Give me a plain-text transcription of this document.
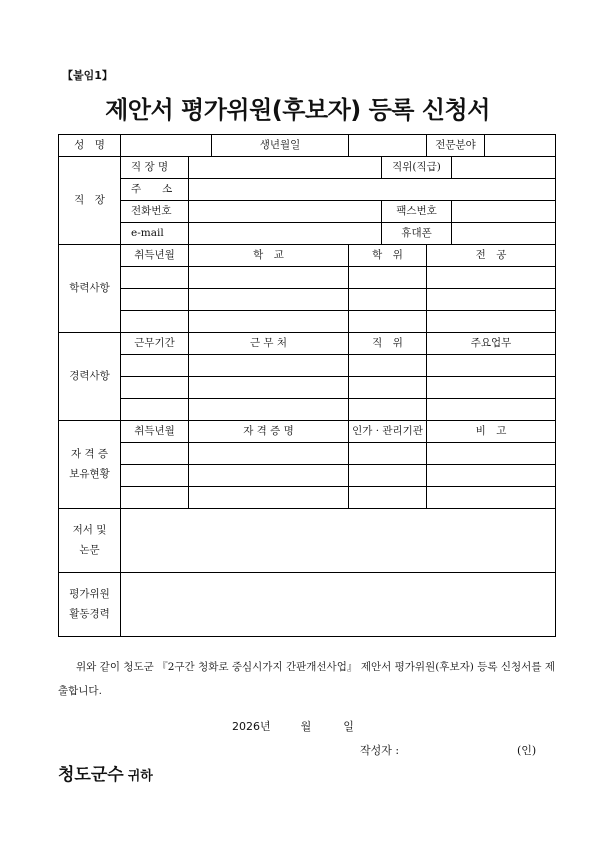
【붙임1】
제안서 평가위원(후보자) 등록 신청서
성　명			생년월일			전문분야		
직　장	직 장 명				직위(직급)			
	주　　소							
	전화번호				팩스번호			
	e-mail				휴대폰			
학력사항	취득년월	학　교		학　위		전　공		

경력사항	근무기간	근 무 처		직　위		주요업무		

자 격 증
보유현황	취득년월	자 격 증 명		인가 · 관리기관		비　고		

저서 및
논문								
평가위원
활동경력								

위와 같이 청도군 『2구간 청화로 중심시가지 간판개선사업』 제안서 평가위원(후보자) 등록 신청서를 제출합니다.

2026년	월	일
작성자 :	(인)
청도군수 귀하
